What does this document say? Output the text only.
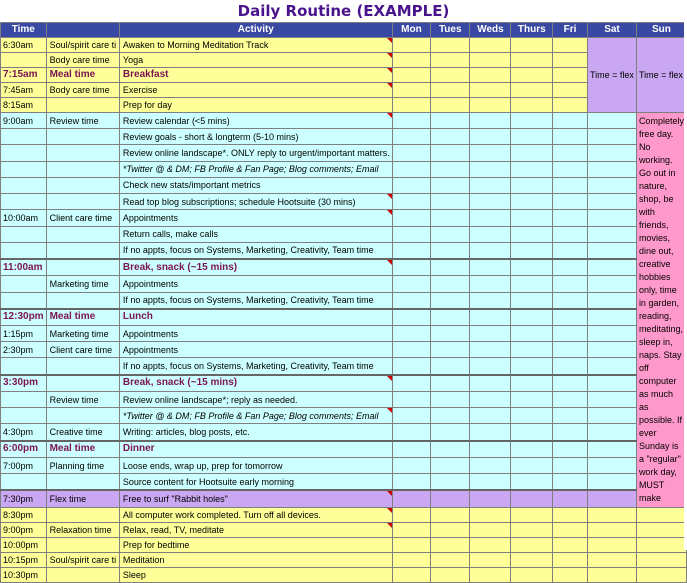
Daily Routine (EXAMPLE)
Time		Activity	Mon	Tues	Weds	Thurs	Fri	Sat	Sun
6:30am	Soul/spirit care ti	Awaken to Morning Meditation Track						Time = flex	Time = flex
	Body care time	Yoga							
7:15am	Meal time	Breakfast							
7:45am	Body care time	Exercise							
8:15am		Prep for day							
9:00am	Review time	Review calendar (<5 mins)							Completely free day. No working. Go out in nature, shop, be with friends, movies, dine out, creative hobbies only, time in garden, reading, meditating, sleep in, naps. Stay off computer as much as possible. If ever Sunday is a "regular" work day, MUST make
		Review goals - short & longterm (5-10 mins)							
		Review online landscape*. ONLY reply to urgent/important matters.							
		*Twitter @ & DM; FB Profile & Fan Page; Blog comments; Email							
		Check new stats/important metrics							
		Read top blog subscriptions; schedule Hootsuite (30 mins)							
10:00am	Client care time	Appointments							
		Return calls, make calls							
		If no appts, focus on Systems, Marketing, Creativity, Team time							
11:00am		Break, snack (~15 mins)							
	Marketing time	Appointments							
		If no appts, focus on Systems, Marketing, Creativity, Team time							
12:30pm	Meal time	Lunch							
1:15pm	Marketing time	Appointments							
2:30pm	Client care time	Appointments							
		If no appts, focus on Systems, Marketing, Creativity, Team time							
3:30pm		Break, snack (~15 mins)							
	Review time	Review online landscape*; reply as needed.							
		*Twitter @ & DM; FB Profile & Fan Page; Blog comments; Email							
4:30pm	Creative time	Writing: articles, blog posts, etc.							
6:00pm	Meal time	Dinner							
7:00pm	Planning time	Loose ends, wrap up, prep for tomorrow							
		Source content for Hootsuite early morning							
7:30pm	Flex time	Free to surf "Rabbit holes"							
8:30pm		All computer work completed. Turn off all devices.							
9:00pm	Relaxation time	Relax, read, TV, meditate							
10:00pm		Prep for bedtime							
10:15pm	Soul/spirit care ti	Meditation							
10:30pm		Sleep							
